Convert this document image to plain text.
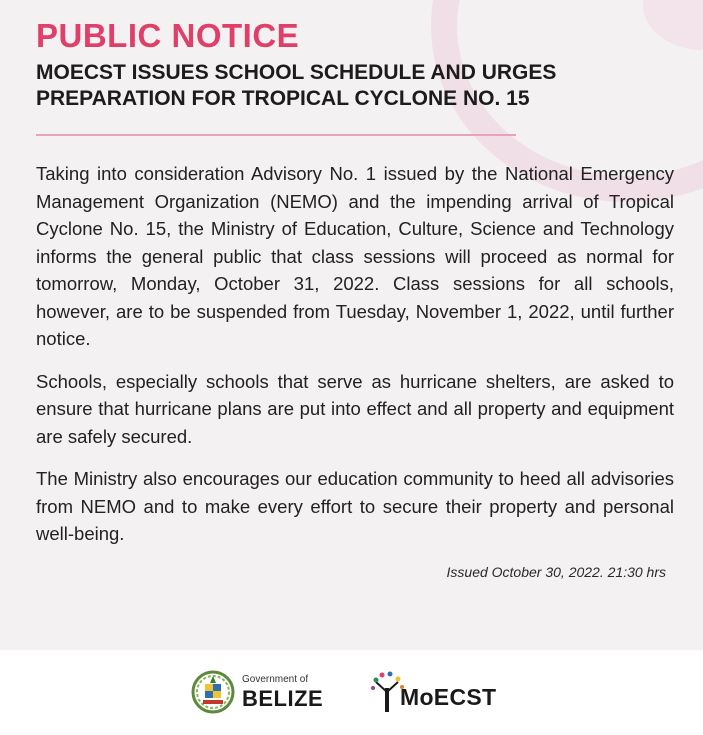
PUBLIC NOTICE
MOECST ISSUES SCHOOL SCHEDULE AND URGES PREPARATION FOR TROPICAL CYCLONE NO. 15

Taking into consideration Advisory No. 1 issued by the National Emergency Management Organization (NEMO) and the impending arrival of Tropical Cyclone No. 15, the Ministry of Education, Culture, Science and Technology informs the general public that class sessions will proceed as normal for tomorrow, Monday, October 31, 2022. Class sessions for all schools, however, are to be suspended from Tuesday, November 1, 2022, until further notice.

Schools, especially schools that serve as hurricane shelters, are asked to ensure that hurricane plans are put into effect and all property and equipment are safely secured.

The Ministry also encourages our education community to heed all advisories from NEMO and to make every effort to secure their property and personal well-being.

Issued October 30, 2022. 21:30 hrs
Government of
BELIZE	MoECST
